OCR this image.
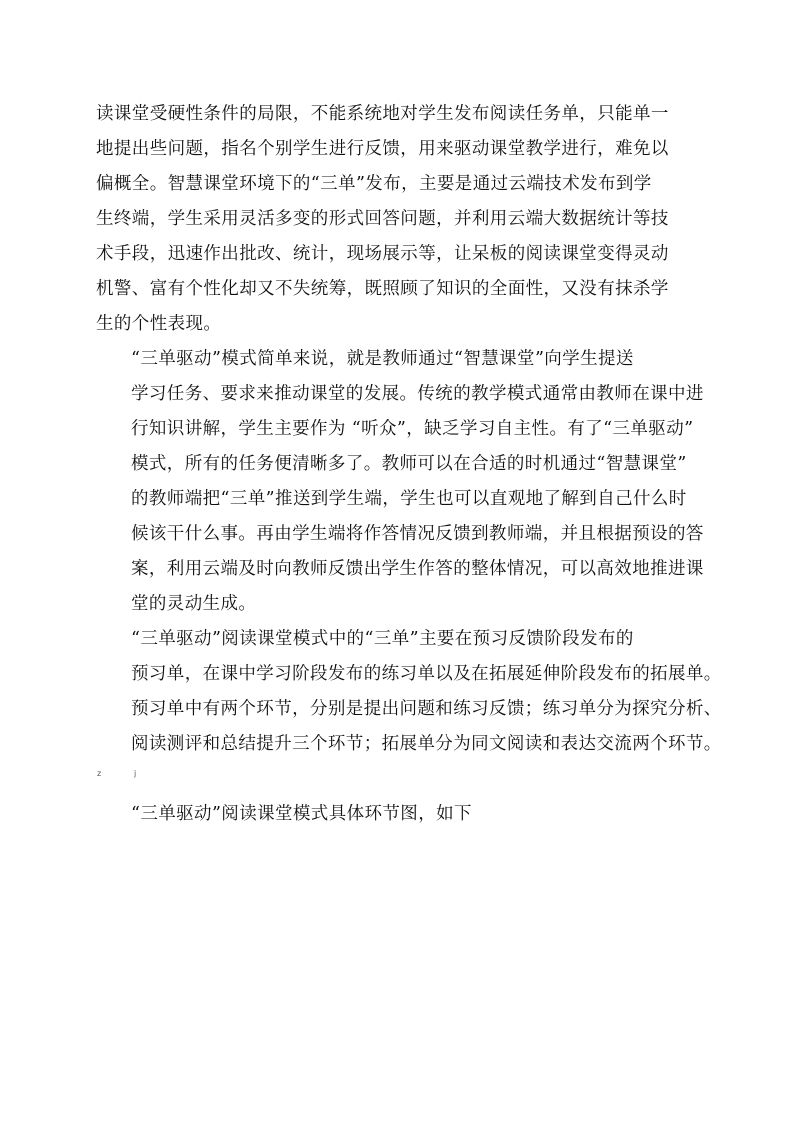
读课堂受硬性条件的局限，不能系统地对学生发布阅读任务单，只能单一
地提出些问题，指名个别学生进行反馈，用来驱动课堂教学进行，难免以
偏概全。智慧课堂环境下的“三单”发布，主要是通过云端技术发布到学
生终端，学生采用灵活多变的形式回答问题，并利用云端大数据统计等技
术手段，迅速作出批改、统计，现场展示等，让呆板的阅读课堂变得灵动
机警、富有个性化却又不失统筹，既照顾了知识的全面性，又没有抹杀学
生的个性表现。

“三单驱动”模式简单来说，就是教师通过“智慧课堂”向学生提送
学习任务、要求来推动课堂的发展。传统的教学模式通常由教师在课中进
行知识讲解，学生主要作为 “听众”，缺乏学习自主性。有了“三单驱动”
模式，所有的任务便清晰多了。教师可以在合适的时机通过“智慧课堂”
的教师端把“三单”推送到学生端，学生也可以直观地了解到自己什么时
候该干什么事。再由学生端将作答情况反馈到教师端，并且根据预设的答
案，利用云端及时向教师反馈出学生作答的整体情况，可以高效地推进课
堂的灵动生成。

“三单驱动”阅读课堂模式中的“三单”主要在预习反馈阶段发布的
预习单，在课中学习阶段发布的练习单以及在拓展延伸阶段发布的拓展单。
预习单中有两个环节，分别是提出问题和练习反馈；练习单分为探究分析、
阅读测评和总结提升三个环节；拓展单分为同文阅读和表达交流两个环节。

z	j

“三单驱动”阅读课堂模式具体环节图，如下
